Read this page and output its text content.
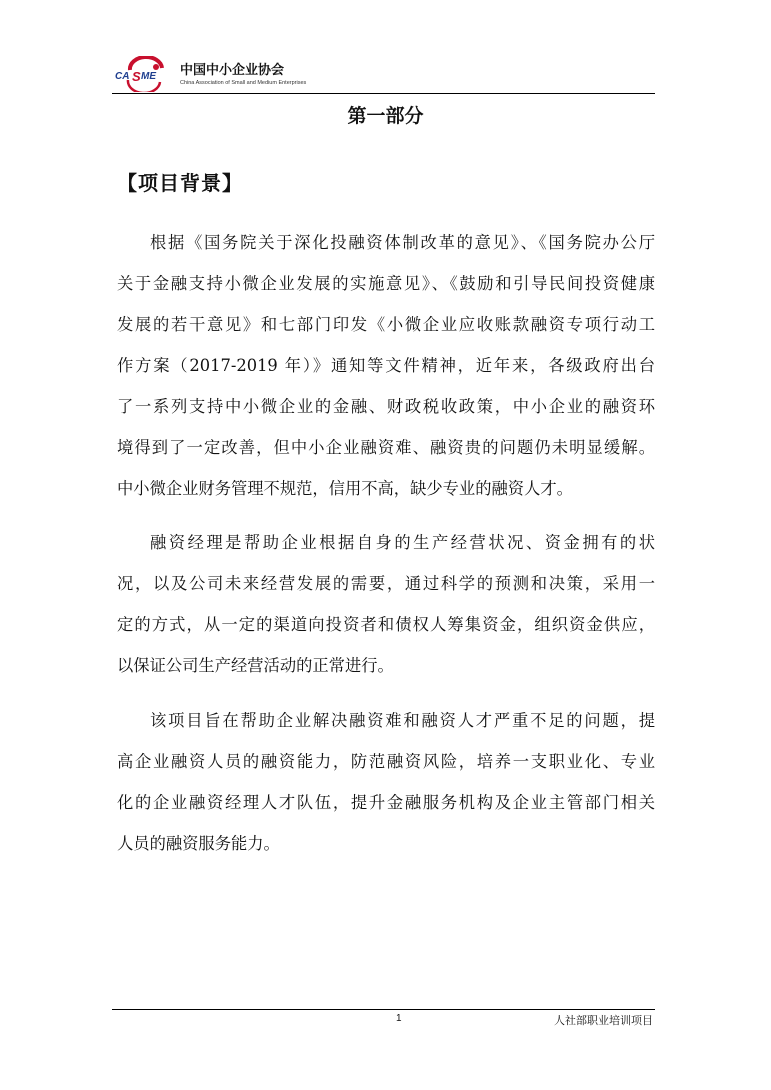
CA S ME 中国中小企业协会
China Association of Small and Medium Enterprises
第一部分
【项目背景】
根据《国务院关于深化投融资体制改革的意见》、《国务院办公厅
关于金融支持小微企业发展的实施意见》、《鼓励和引导民间投资健康
发展的若干意见》和七部门印发《小微企业应收账款融资专项行动工
作方案（2017-2019 年）》通知等文件精神，近年来，各级政府出台
了一系列支持中小微企业的金融、财政税收政策，中小企业的融资环
境得到了一定改善，但中小企业融资难、融资贵的问题仍未明显缓解。
中小微企业财务管理不规范，信用不高，缺少专业的融资人才。
融资经理是帮助企业根据自身的生产经营状况、资金拥有的状
况，以及公司未来经营发展的需要，通过科学的预测和决策，采用一
定的方式，从一定的渠道向投资者和债权人筹集资金，组织资金供应，
以保证公司生产经营活动的正常进行。
该项目旨在帮助企业解决融资难和融资人才严重不足的问题，提
高企业融资人员的融资能力，防范融资风险，培养一支职业化、专业
化的企业融资经理人才队伍，提升金融服务机构及企业主管部门相关
人员的融资服务能力。
1	人社部职业培训项目
